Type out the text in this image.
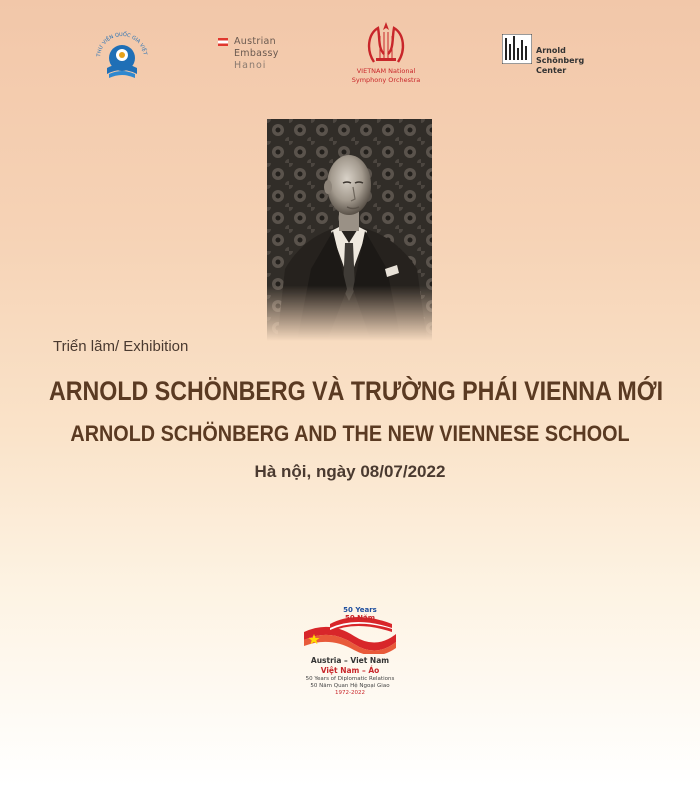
THƯ VIỆN QUỐC GIA VIỆT
Austrian
Embassy
Hanoi	VIETNAM National
Symphony Orchestra
Arnold
Schönberg
Center
Triển lãm/ Exhibition
ARNOLD SCHÖNBERG VÀ TRƯỜNG PHÁI VIENNA MỚI
ARNOLD SCHÖNBERG AND THE NEW VIENNESE SCHOOL
Hà nội, ngày 08/07/2022
50 Years
50 Năm
Austria – Viet Nam
Việt Nam – Áo
50 Years of Diplomatic Relations
50 Năm Quan Hệ Ngoại Giao
1972-2022
